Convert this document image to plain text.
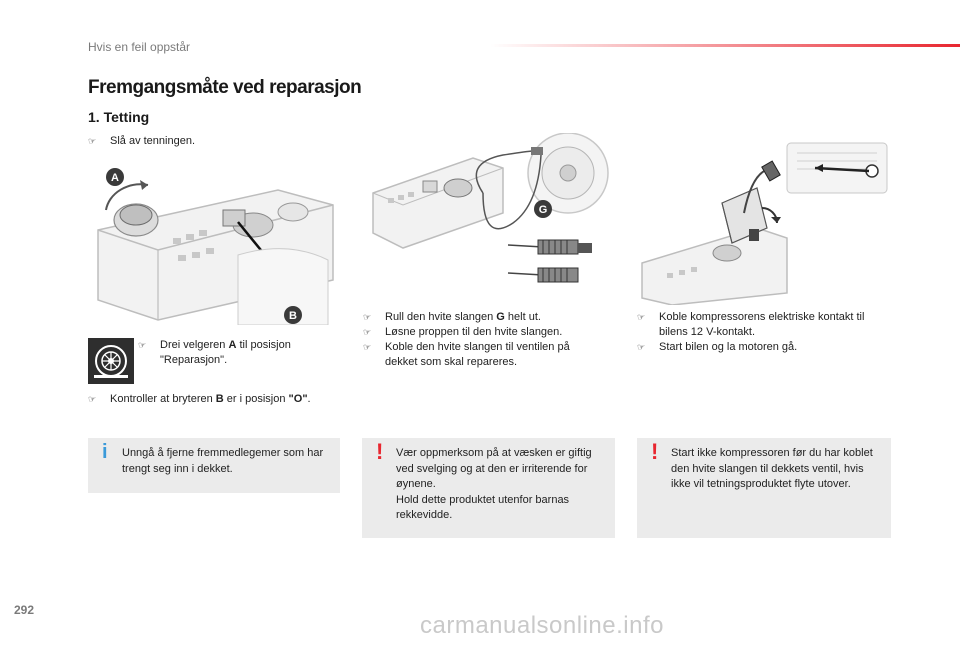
Hvis en feil oppstår
Fremgangsmåte ved reparasjon
1. Tetting
☞ Slå av tenningen.
A
B
☞ Drei velgeren A til posisjon "Reparasjon".
☞ Kontroller at bryteren B er i posisjon "O".
i Unngå å fjerne fremmedlegemer som har trengt seg inn i dekket.
G
☞ Rull den hvite slangen G helt ut.
☞ Løsne proppen til den hvite slangen.
☞ Koble den hvite slangen til ventilen på dekket som skal repareres.
! Vær oppmerksom på at væsken er giftig ved svelging og at den er irriterende for øynene.
Hold dette produktet utenfor barnas rekkevidde.
☞ Koble kompressorens elektriske kontakt til bilens 12 V-kontakt.
☞ Start bilen og la motoren gå.
! Start ikke kompressoren før du har koblet den hvite slangen til dekkets ventil, hvis ikke vil tetningsproduktet flyte utover.
292
carmanualsonline.info
